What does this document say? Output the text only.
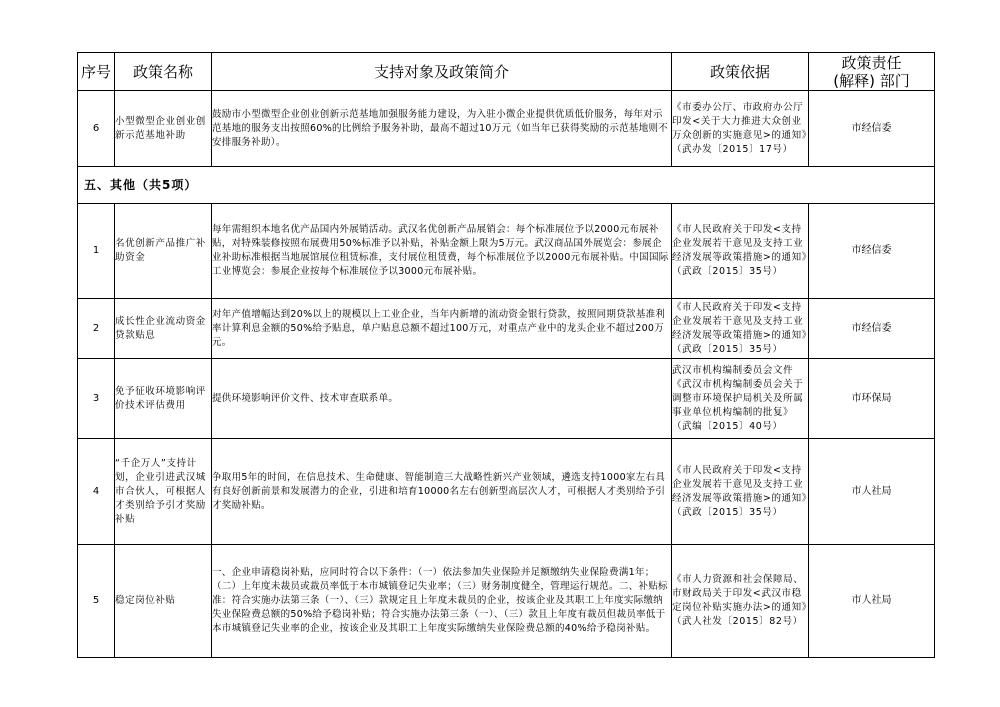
序号	政策名称	支持对象及政策简介	政策依据	政策责任
(解释) 部门

6	小型微型企业创业创新示范基地补助	鼓励市小型微型企业创业创新示范基地加强服务能力建设，为入驻小微企业提供优质低价服务，每年对示范基地的服务支出按照60%的比例给予服务补助，最高不超过10万元（如当年已获得奖励的示范基地则不安排服务补助）。	《市委办公厅、市政府办公厅印发<关于大力推进大众创业万众创新的实施意见>的通知》（武办发〔2015〕17号）	市经信委
五、其他（共5项）				
1	名优创新产品推广补助资金	每年需组织本地名优产品国内外展销活动。武汉名优创新产品展销会：每个标准展位予以2000元布展补贴，对特殊装修按照布展费用50%标准予以补贴，补贴金额上限为5万元。武汉商品国外展览会：参展企业补助标准根据当地展馆展位租赁标准，支付展位租赁费，每个标准展位予以2000元布展补贴。中国国际工业博览会：参展企业按每个标准展位予以3000元布展补贴。	《市人民政府关于印发<支持企业发展若干意见及支持工业经济发展等政策措施>的通知》（武政〔2015〕35号）	市经信委
2	成长性企业流动资金贷款贴息	对年产值增幅达到20%以上的规模以上工业企业，当年内新增的流动资金银行贷款，按照同期贷款基准利率计算利息金额的50%给予贴息，单户贴息总额不超过100万元，对重点产业中的龙头企业不超过200万元。	《市人民政府关于印发<支持企业发展若干意见及支持工业经济发展等政策措施>的通知》（武政〔2015〕35号）	市经信委
3	免予征收环境影响评价技术评估费用	提供环境影响评价文件、技术审查联系单。	武汉市机构编制委员会文件《武汉市机构编制委员会关于调整市环境保护局机关及所属事业单位机构编制的批复》（武编〔2015〕40号）	市环保局
4	“千企万人”支持计划，企业引进武汉城市合伙人，可根据人才类别给予引才奖励补贴	争取用5年的时间，在信息技术、生命健康、智能制造三大战略性新兴产业领域，遴选支持1000家左右具有良好创新前景和发展潜力的企业，引进和培育10000名左右创新型高层次人才，可根据人才类别给予引才奖励补贴。	《市人民政府关于印发<支持企业发展若干意见及支持工业经济发展等政策措施>的通知》（武政〔2015〕35号）	市人社局
5	稳定岗位补贴	一、企业申请稳岗补贴，应同时符合以下条件：（一）依法参加失业保险并足额缴纳失业保险费满1年；（二）上年度未裁员或裁员率低于本市城镇登记失业率；（三）财务制度健全，管理运行规范。二、补贴标准：符合实施办法第三条（一）、（三）款规定且上年度未裁员的企业，按该企业及其职工上年度实际缴纳失业保险费总额的50%给予稳岗补贴；符合实施办法第三条（一）、（三）款且上年度有裁员但裁员率低于本市城镇登记失业率的企业，按该企业及其职工上年度实际缴纳失业保险费总额的40%给予稳岗补贴。	《市人力资源和社会保障局、市财政局关于印发<武汉市稳定岗位补贴实施办法>的通知》（武人社发〔2015〕82号）	市人社局
